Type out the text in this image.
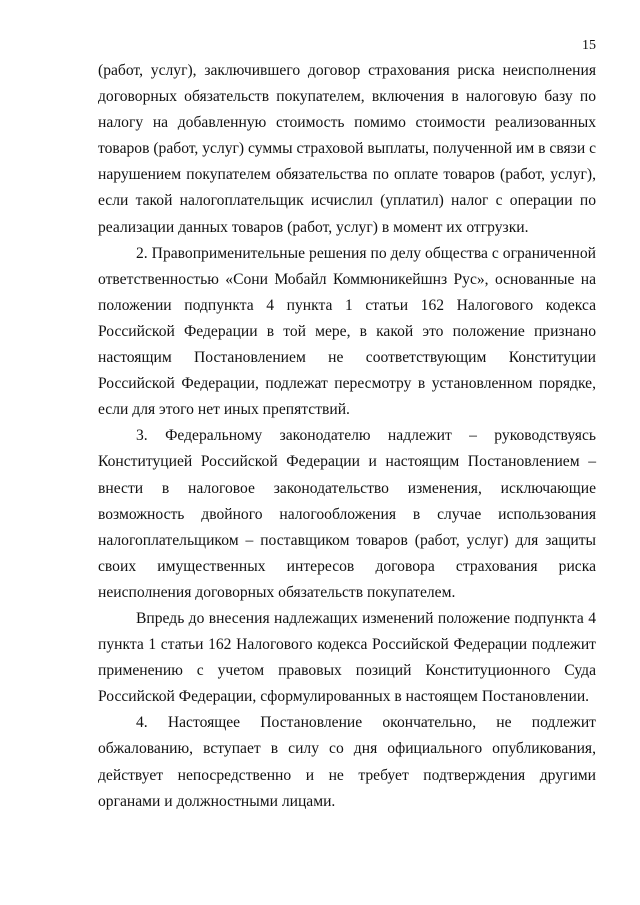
15

(работ, услуг), заключившего договор страхования риска неисполнения договорных обязательств покупателем, включения в налоговую базу по налогу на добавленную стоимость помимо стоимости реализованных товаров (работ, услуг) суммы страховой выплаты, полученной им в связи с нарушением покупателем обязательства по оплате товаров (работ, услуг), если такой налогоплательщик исчислил (уплатил) налог с операции по реализации данных товаров (работ, услуг) в момент их отгрузки.

2. Правоприменительные решения по делу общества с ограниченной ответственностью «Сони Мобайл Коммюникейшнз Рус», основанные на положении подпункта 4 пункта 1 статьи 162 Налогового кодекса Российской Федерации в той мере, в какой это положение признано настоящим Постановлением не соответствующим Конституции Российской Федерации, подлежат пересмотру в установленном порядке, если для этого нет иных препятствий.

3. Федеральному законодателю надлежит – руководствуясь Конституцией Российской Федерации и настоящим Постановлением – внести в налоговое законодательство изменения, исключающие возможность двойного налогообложения в случае использования налогоплательщиком – поставщиком товаров (работ, услуг) для защиты своих имущественных интересов договора страхования риска неисполнения договорных обязательств покупателем.

Впредь до внесения надлежащих изменений положение подпункта 4 пункта 1 статьи 162 Налогового кодекса Российской Федерации подлежит применению с учетом правовых позиций Конституционного Суда Российской Федерации, сформулированных в настоящем Постановлении.

4. Настоящее Постановление окончательно, не подлежит обжалованию, вступает в силу со дня официального опубликования, действует непосредственно и не требует подтверждения другими органами и должностными лицами.
